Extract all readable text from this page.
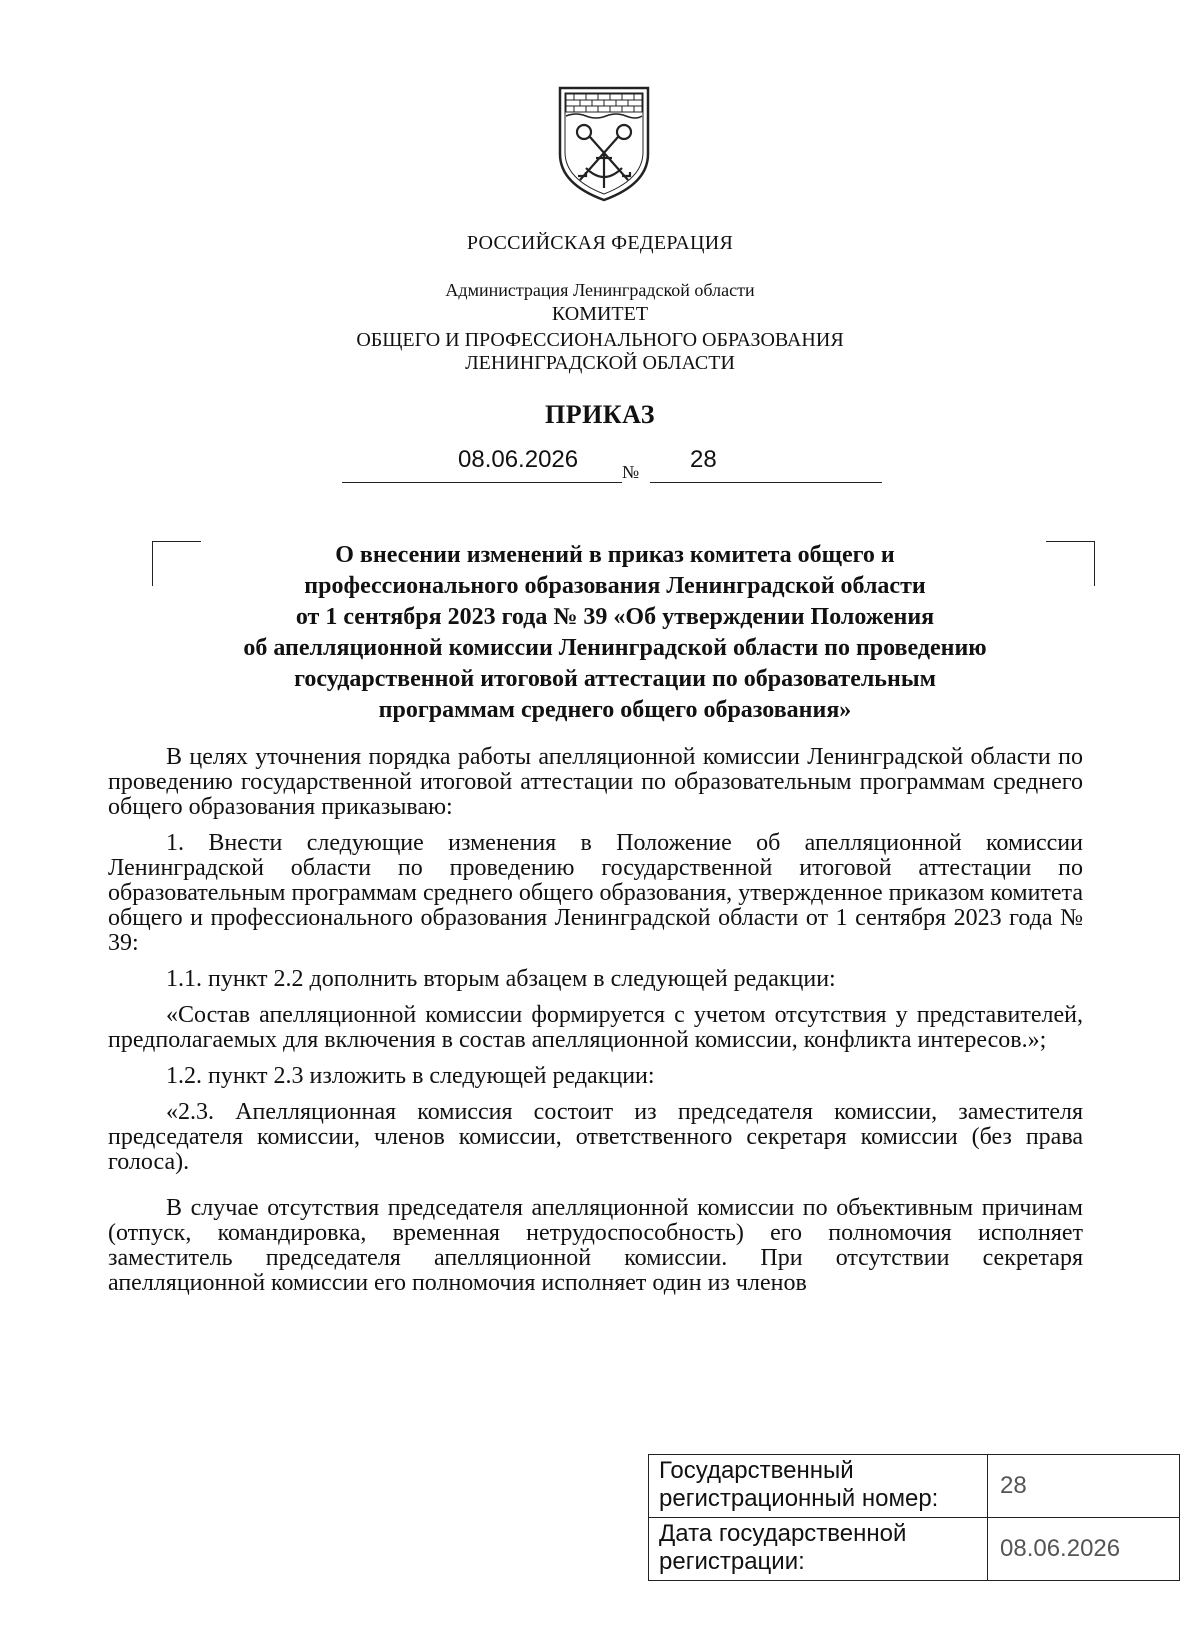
РОССИЙСКАЯ ФЕДЕРАЦИЯ
Администрация Ленинградской области
КОМИТЕТ
ОБЩЕГО И ПРОФЕССИОНАЛЬНОГО ОБРАЗОВАНИЯ
ЛЕНИНГРАДСКОЙ ОБЛАСТИ
ПРИКАЗ
08.06.2026 № 28
О внесении изменений в приказ комитета общего и
профессионального образования Ленинградской области
от 1 сентября 2023 года № 39 «Об утверждении Положения
об апелляционной комиссии Ленинградской области по проведению
государственной итоговой аттестации по образовательным
программам среднего общего образования»
В целях уточнения порядка работы апелляционной комиссии Ленинградской области по проведению государственной итоговой аттестации по образовательным программам среднего общего образования приказываю:
1. Внести следующие изменения в Положение об апелляционной комиссии Ленинградской области по проведению государственной итоговой аттестации по образовательным программам среднего общего образования, утвержденное приказом комитета общего и профессионального образования Ленинградской области от 1 сентября 2023 года № 39:
1.1. пункт 2.2 дополнить вторым абзацем в следующей редакции:
«Состав апелляционной комиссии формируется с учетом отсутствия у представителей, предполагаемых для включения в состав апелляционной комиссии, конфликта интересов.»;
1.2. пункт 2.3 изложить в следующей редакции:
«2.3. Апелляционная комиссия состоит из председателя комиссии, заместителя председателя комиссии, членов комиссии, ответственного секретаря комиссии (без права голоса).
В случае отсутствия председателя апелляционной комиссии по объективным причинам (отпуск, командировка, временная нетрудоспособность) его полномочия исполняет заместитель председателя апелляционной комиссии. При отсутствии секретаря апелляционной комиссии его полномочия исполняет один из членов
Государственный регистрационный номер:	28
Дата государственной регистрации:	08.06.2026
